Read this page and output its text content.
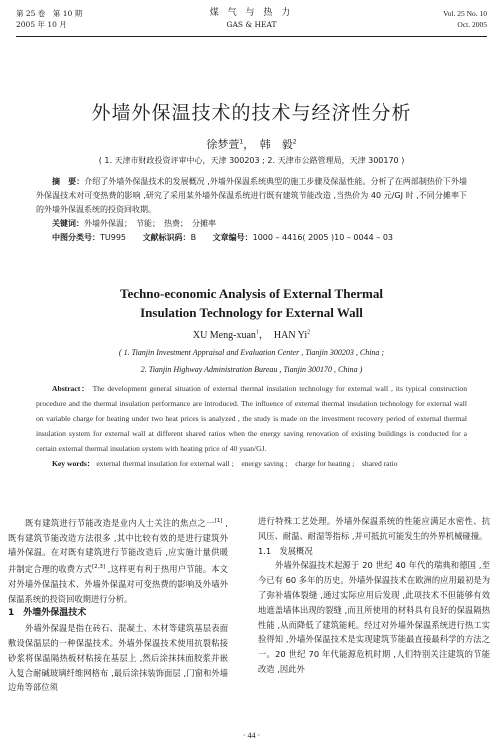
第 25 卷　第 10 期
2005 年 10 月
煤 气 与 热 力
GAS & HEAT
Vol. 25 No. 10
Oct. 2005
外墙外保温技术的技术与经济性分析
徐梦萱$^1$，　韩　毅$^2$
( 1. 天津市财政投资评审中心，天津 300203 ; 2. 天津市公路管理局，天津 300170 )
摘　要：介绍了外墙外保温技术的发展概况 ,外墙外保温系统典型的施工步骤及保温性能。分析了在两部制热价下外墙外保温技术对可变热费的影响 ,研究了采用某外墙外保温系统进行既有建筑节能改造 ,当热价为 40 元/GJ 时 ,不同分摊率下的外墙外保温系统的投资回收期。
关键词：外墙外保温；　节能；　热费；　分摊率
中图分类号：TU995 文献标识码：B 文章编号：1000 – 4416( 2005 )10 – 0044 – 03
Techno-economic Analysis of External Thermal
Insulation Technology for External Wall
XU Meng-xuan$^1$，　HAN Yi$^2$
( 1. Tianjin Investment Appraisal and Evaluation Center , Tianjin 300203 , China ;
2. Tianjin Highway Administration Bureau , Tianjin 300170 , China )
Abstract： The development general situation of external thermal insulation technology for external wall , its typical construction procedure and the thermal insulation performance are introduced. The influence of external thermal insulation technology for external wall on variable charge for heating under two heat prices is analyzed , the study is made on the investment recovery period of external thermal insulation system for external wall at different shared ratios when the energy saving renovation of existing buildings is conducted for a certain external thermal insulation system with heating price of 40 yuan/GJ.
Key words： external thermal insulation for external wall ;　energy saving ;　charge for heating ;　shared ratio

既有建筑进行节能改造是业内人士关注的焦点之一[1] ,既有建筑节能改造方法很多 ,其中比较有效的是进行建筑外墙外保温。在对既有建筑进行节能改造后 ,应实施计量供暖并制定合理的收费方式[2,3] ,这样更有利于热用户节能。本文对外墙外保温技术、外墙外保温对可变热费的影响及外墙外保温系统的投资回收期进行分析。

1　外墙外保温技术

外墙外保温是指在砖石、混凝土、木材等建筑基层表面敷设保温层的一种保温技术。外墙外保温技术使用抗裂粘接砂浆将保温隔热板材粘接在基层上 ,然后涂抹抹面胶浆并嵌入复合耐碱玻璃纤维网格布 ,最后涂抹装饰面层 ,门窗和外墙边角等部位须

进行特殊工艺处理。外墙外保温系统的性能应满足水密性、抗风压、耐温、耐湿等指标 ,并可抵抗可能发生的外界机械碰撞。

1.1　发展概况

外墙外保温技术起源于 20 世纪 40 年代的瑞典和德国 ,至今已有 60 多年的历史。外墙外保温技术在欧洲的应用最初是为了弥补墙体裂缝 ,通过实际应用后发现 ,此项技术不但能够有效地遮盖墙体出现的裂缝 ,而且所使用的材料具有良好的保温隔热性能 ,从而降低了建筑能耗。经过对外墙外保温系统进行热工实验得知 ,外墙外保温技术是实现建筑节能最直接最科学的方法之一。20 世纪 70 年代能源危机时期 ,人们特别关注建筑的节能改造 ,因此外

· 44 ·
